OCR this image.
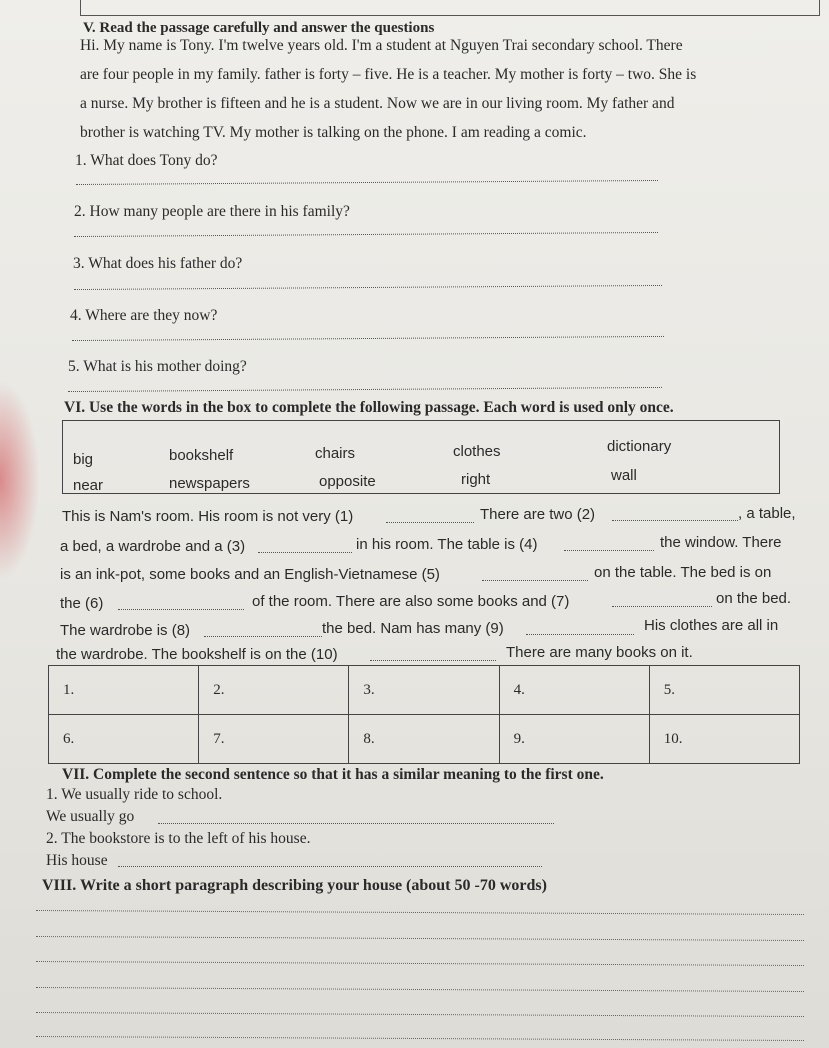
V. Read the passage carefully and answer the questions
Hi. My name is Tony. I'm twelve years old. I'm a student at Nguyen Trai secondary school. There
are four people in my family. father is forty – five. He is a teacher. My mother is forty – two. She is
a nurse. My brother is fifteen and he is a student. Now we are in our living room. My father and
brother is watching TV. My mother is talking on the phone. I am reading a comic.
1. What does Tony do?
2. How many people are there in his family?
3. What does his father do?
4. Where are they now?
5. What is his mother doing?
VI. Use the words in the box to complete the following passage. Each word is used only once.
big	bookshelf	chairs	clothes	dictionary
near	newspapers	opposite	right	wall
This is Nam's room. His room is not very (1)	There are two (2)	, a table,
a bed, a wardrobe and a (3)	in his room. The table is (4)	the window. There
is an ink-pot, some books and an English-Vietnamese (5)	on the table. The bed is on
the (6)	of the room. There are also some books and (7)	on the bed.
The wardrobe is (8)	the bed. Nam has many (9)	His clothes are all in
the wardrobe. The bookshelf is on the (10)	There are many books on it.
1.	2.	3.	4.	5.
6.	7.	8.	9.	10.
VII. Complete the second sentence so that it has a similar meaning to the first one.
1. We usually ride to school.
We usually go
2. The bookstore is to the left of his house.
His house
VIII. Write a short paragraph describing your house (about 50 -70 words)
